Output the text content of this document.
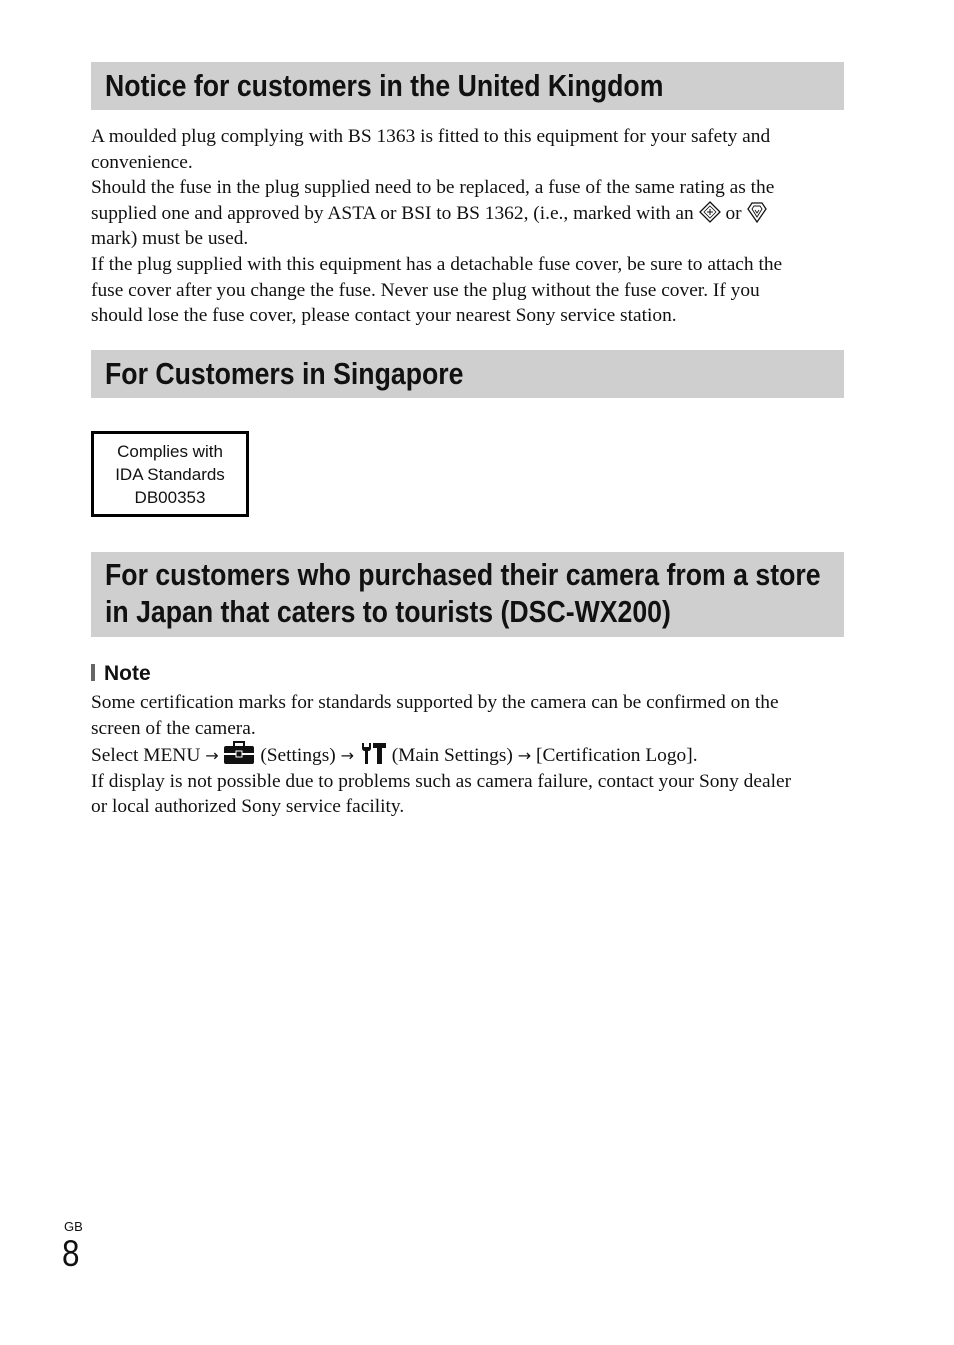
Notice for customers in the United Kingdom
A moulded plug complying with BS 1363 is fitted to this equipment for your safety and
convenience.
Should the fuse in the plug supplied need to be replaced, a fuse of the same rating as the
supplied one and approved by ASTA or BSI to BS 1362, (i.e., marked with an or
mark) must be used.
If the plug supplied with this equipment has a detachable fuse cover, be sure to attach the
fuse cover after you change the fuse. Never use the plug without the fuse cover. If you
should lose the fuse cover, please contact your nearest Sony service station.
For Customers in Singapore
Complies with
IDA Standards
DB00353
For customers who purchased their camera from a store
in Japan that caters to tourists (DSC-WX200)
Note
Some certification marks for standards supported by the camera can be confirmed on the
screen of the camera.
Select MENU → (Settings) → (Main Settings) → [Certification Logo].
If display is not possible due to problems such as camera failure, contact your Sony dealer
or local authorized Sony service facility.
GB
8
